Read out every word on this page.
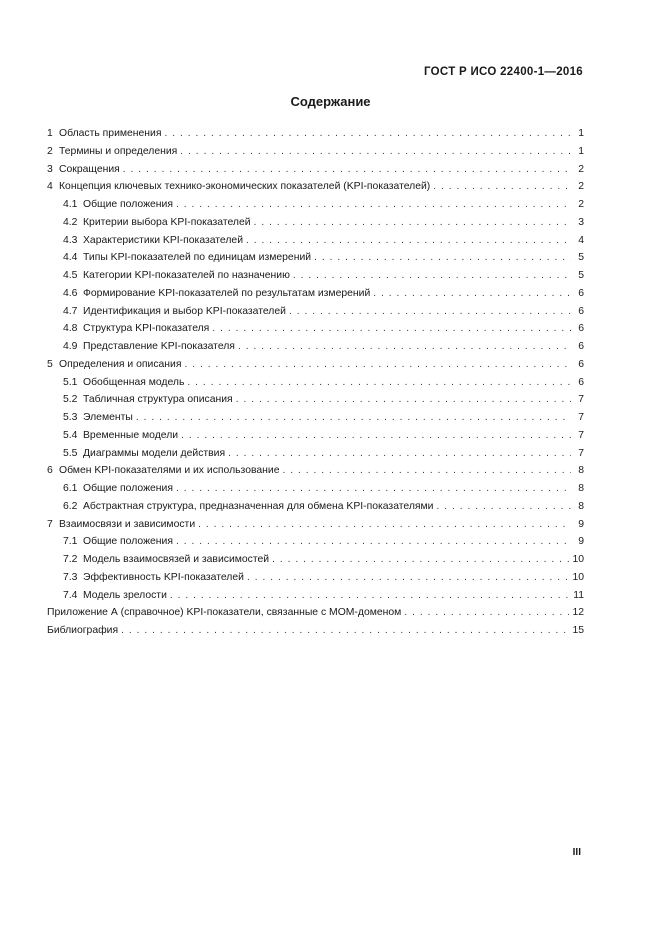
ГОСТ Р ИСО 22400-1—2016
Содержание
1 Область применения . . .	1
2 Термины и определения . . .	1
3 Сокращения . . .	2
4 Концепция ключевых технико-экономических показателей (KPI-показателей) . . .	2
4.1 Общие положения . . .	2
4.2 Критерии выбора KPI-показателей . . .	3
4.3 Характеристики KPI-показателей . . .	4
4.4 Типы KPI-показателей по единицам измерений . . .	5
4.5 Категории KPI-показателей по назначению . . .	5
4.6 Формирование KPI-показателей по результатам измерений . . .	6
4.7 Идентификация и выбор KPI-показателей . . .	6
4.8 Структура KPI-показателя . . .	6
4.9 Представление KPI-показателя . . .	6
5 Определения и описания . . .	6
5.1 Обобщенная модель . . .	6
5.2 Табличная структура описания . . .	7
5.3 Элементы . . .	7
5.4 Временные модели . . .	7
5.5 Диаграммы модели действия . . .	7
6 Обмен KPI-показателями и их использование . . .	8
6.1 Общие положения . . .	8
6.2 Абстрактная структура, предназначенная для обмена KPI-показателями . . .	8
7 Взаимосвязи и зависимости . . .	9
7.1 Общие положения . . .	9
7.2 Модель взаимосвязей и зависимостей . . .	10
7.3 Эффективность KPI-показателей . . .	10
7.4 Модель зрелости . . .	11
Приложение А (справочное) KPI-показатели, связанные с МОМ-доменом . . .	12
Библиография . . .	15
III
